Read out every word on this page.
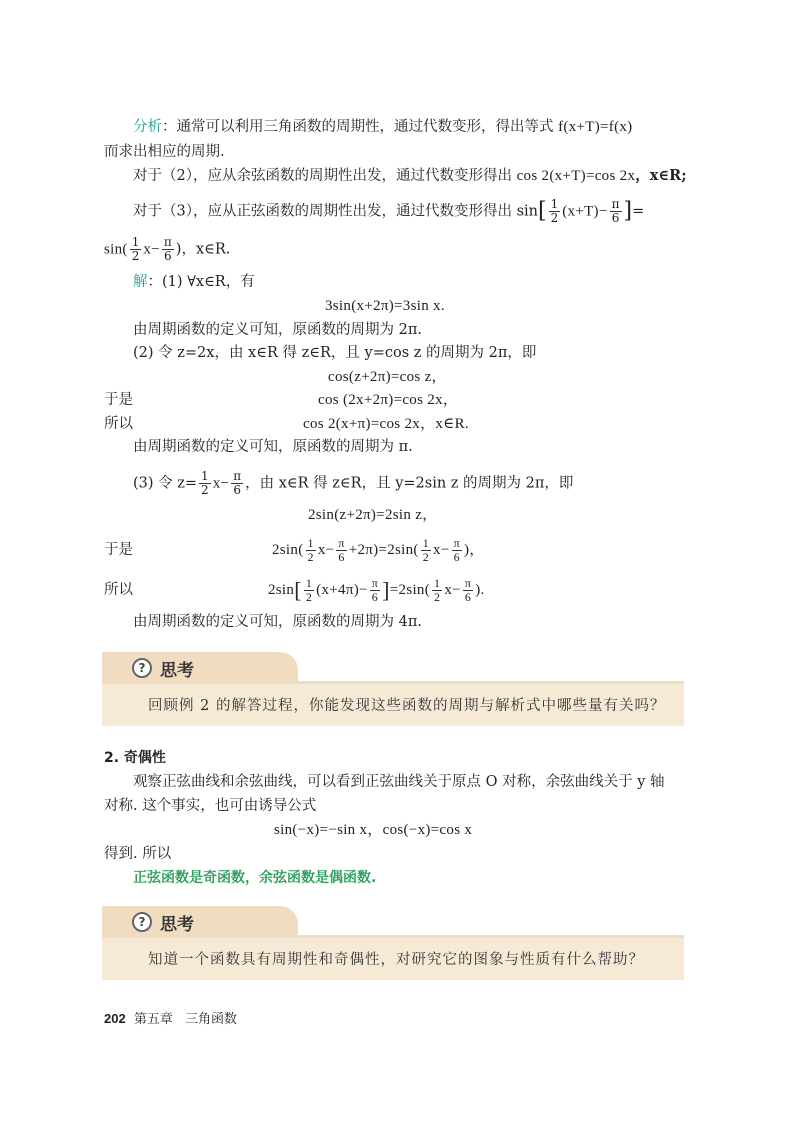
分析：通常可以利用三角函数的周期性，通过代数变形，得出等式 f(x+T)=f(x)
而求出相应的周期.
对于（2），应从余弦函数的周期性出发，通过代数变形得出 cos 2(x+T)=cos 2x，x∈R;
对于（3），应从正弦函数的周期性出发，通过代数变形得出 $\sin[ \frac{1}{2} (x+T)- \frac{\pi}{6}$ ]=
$\sin( \frac{1}{2} x- \frac{\pi}{6}$ )，x∈R.
解：(1) ∀x∈R，有
3sin(x+2π)=3sin x.
由周期函数的定义可知，原函数的周期为 2π.
(2) 令 z=2x，由 x∈R 得 z∈R，且 y=cos z 的周期为 2π，即
cos(z+2π)=cos z，
于是	cos (2x+2π)=cos 2x，
所以	cos 2(x+π)=cos 2x，x∈R.
由周期函数的定义可知，原函数的周期为 π.
(3) 令 $z= \frac{1}{2} x- \frac{\pi}{6}$ ，由 x∈R 得 z∈R，且 y=2sin z 的周期为 2π，即
2sin(z+2π)=2sin z，
于是	$2\sin( \frac{1}{2} x- \frac{\pi}{6} +2\pi)=2\sin( \frac{1}{2} x- \frac{\pi}{6}$ )，
所以	$2\sin[ \frac{1}{2} (x+4\pi)- \frac{\pi}{6} ]=2\sin( \frac{1}{2} x- \frac{\pi}{6}$ ).
由周期函数的定义可知，原函数的周期为 4π.
? 思考
回顾例 2 的解答过程，你能发现这些函数的周期与解析式中哪些量有关吗？
2. 奇偶性
观察正弦曲线和余弦曲线，可以看到正弦曲线关于原点 O 对称，余弦曲线关于 y 轴
对称. 这个事实，也可由诱导公式
sin(−x)=−sin x，cos(−x)=cos x
得到. 所以
正弦函数是奇函数，余弦函数是偶函数.
? 思考
知道一个函数具有周期性和奇偶性，对研究它的图象与性质有什么帮助？
202 第五章 三角函数
